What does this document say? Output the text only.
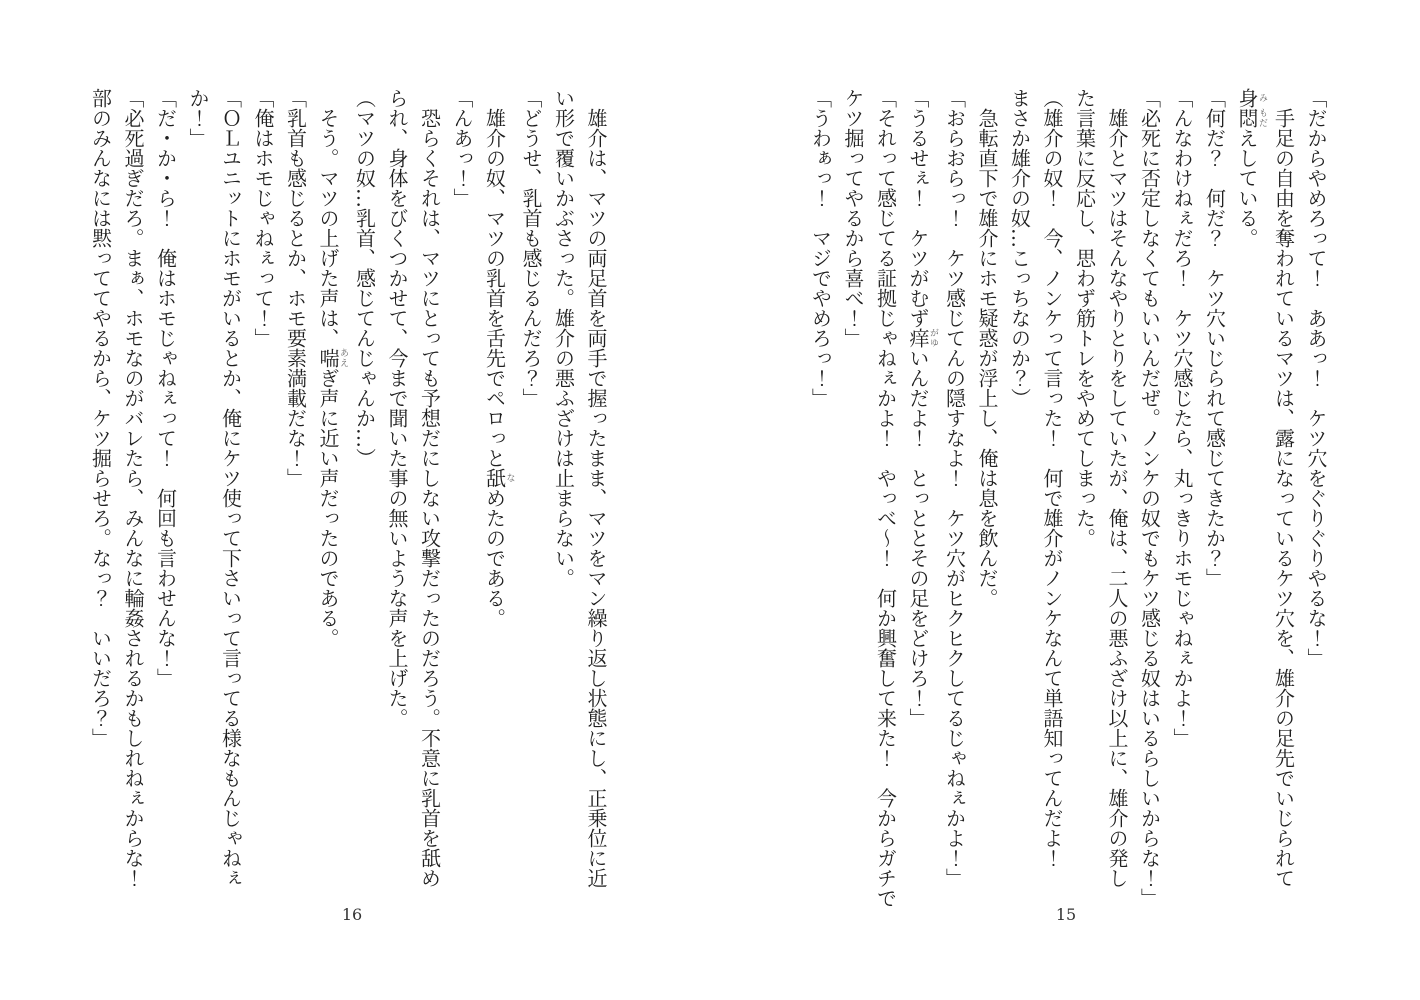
「だからやめろって！　ああっ！　ケツ穴をぐりぐりやるな！」
手足の自由を奪われているマツは、露になっているケツ穴を、雄介の足先でいじられて
身み悶もだえしている。
「何だ？　何だ？　ケツ穴いじられて感じてきたか？」
「んなわけねぇだろ！　ケツ穴感じたら、丸っきりホモじゃねぇかよ！」
「必死に否定しなくてもいいんだぜ。ノンケの奴でもケツ感じる奴はいるらしいからな！」
雄介とマツはそんなやりとりをしていたが、俺は、二人の悪ふざけ以上に、雄介の発し
た言葉に反応し、思わず筋トレをやめてしまった。
（雄介の奴！　今、ノンケって言った！　何で雄介がノンケなんて単語知ってんだよ！
まさか雄介の奴…こっちなのか？）
急転直下で雄介にホモ疑惑が浮上し、俺は息を飲んだ。
「おらおらっ！　ケツ感じてんの隠すなよ！　ケツ穴がヒクヒクしてるじゃねぇかよ！」
「うるせぇ！　ケツがむず痒がゆいんだよ！　とっととその足をどけろ！」
「それって感じてる証拠じゃねぇかよ！　やっべ～！　何か興奮して来た！　今からガチで
ケツ掘ってやるから喜べ！」
「うわぁっ！　マジでやめろっ！」
15
雄介は、マツの両足首を両手で握ったまま、マツをマン繰り返し状態にし、正乗位に近
い形で覆いかぶさった。雄介の悪ふざけは止まらない。
「どうせ、乳首も感じるんだろ？」
雄介の奴、マツの乳首を舌先でペロっと舐なめたのである。
「んあっ！」
恐らくそれは、マツにとっても予想だにしない攻撃だったのだろう。不意に乳首を舐め
られ、身体をびくつかせて、今まで聞いた事の無いような声を上げた。
（マツの奴…乳首、感じてんじゃんか…）
そう。マツの上げた声は、喘あえぎ声に近い声だったのである。
「乳首も感じるとか、ホモ要素満載だな！」
「俺はホモじゃねぇって！」
「ＯＬユニットにホモがいるとか、俺にケツ使って下さいって言ってる様なもんじゃねぇ
か！」
「だ・か・ら！　俺はホモじゃねぇって！　何回も言わせんな！」
「必死過ぎだろ。まぁ、ホモなのがバレたら、みんなに輪姦されるかもしれねぇからな！
部のみんなには黙っててやるから、ケツ掘らせろ。なっ？　いいだろ？」
16
